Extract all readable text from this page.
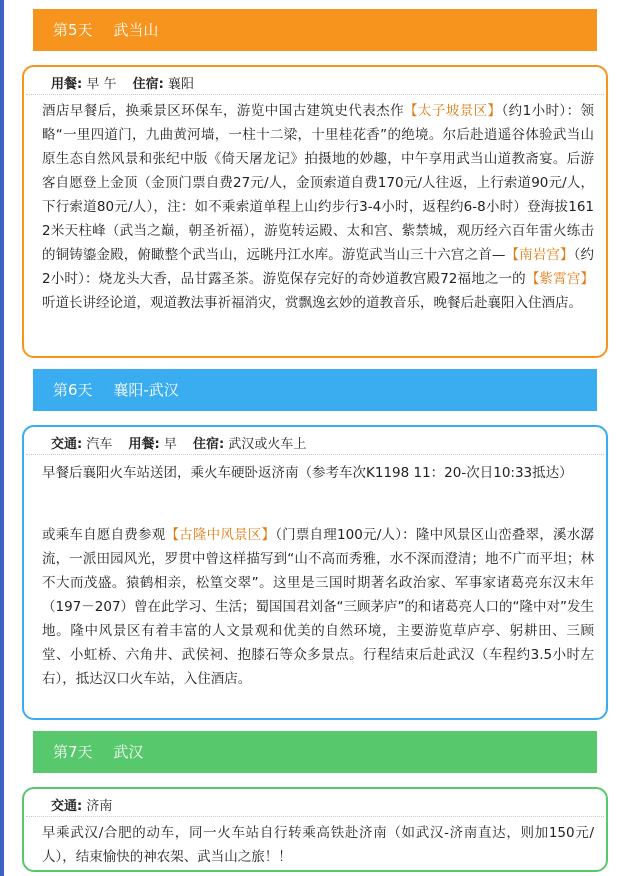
第5天 武当山
用餐: 早 午 住宿: 襄阳
酒店早餐后，换乘景区环保车，游览中国古建筑史代表杰作【太子坡景区】（约1小时）：领略“一里四道门，九曲黄河墙，一柱十二梁，十里桂花香”的绝境。尔后赴逍遥谷体验武当山原生态自然风景和张纪中版《倚天屠龙记》拍摄地的妙趣，中午享用武当山道教斋宴。后游客自愿登上金顶（金顶门票自费27元/人，金顶索道自费170元/人往返，上行索道90元/人，下行索道80元/人），注：如不乘索道单程上山约步行3-4小时，返程约6-8小时）登海拔1612米天柱峰（武当之巅，朝圣祈福），游览转运殿、太和宫、紫禁城，观历经六百年雷火练击的铜铸鎏金殿，俯瞰整个武当山，远眺丹江水库。游览武当山三十六宫之首—【南岩宫】（约2小时）：烧龙头大香，品甘露圣茶。游览保存完好的奇妙道教宫殿72福地之一的【紫霄宫】听道长讲经论道，观道教法事祈福消灾，赏飘逸玄妙的道教音乐，晚餐后赴襄阳入住酒店。
第6天 襄阳-武汉
交通: 汽车 用餐: 早 住宿: 武汉或火车上
早餐后襄阳火车站送团，乘火车硬卧返济南（参考车次K1198 11：20-次日10:33抵达）
或乘车自愿自费参观【古隆中风景区】（门票自理100元/人）：隆中风景区山峦叠翠，溪水潺流，一派田园风光，罗贯中曾这样描写到“山不高而秀雅，水不深而澄清；地不广而平坦；林不大而茂盛。猿鹤相亲，松篁交翠”。这里是三国时期著名政治家、军事家诸葛亮东汉末年（197－207）曾在此学习、生活；蜀国国君刘备“三顾茅庐”的和诸葛亮人口的“隆中对”发生地。隆中风景区有着丰富的人文景观和优美的自然环境，主要游览草庐亭、躬耕田、三顾堂、小虹桥、六角井、武侯祠、抱膝石等众多景点。行程结束后赴武汉（车程约3.5小时左右），抵达汉口火车站，入住酒店。
第7天 武汉
交通: 济南
早乘武汉/合肥的动车，同一火车站自行转乘高铁赴济南（如武汉-济南直达，则加150元/人），结束愉快的神农架、武当山之旅！！
